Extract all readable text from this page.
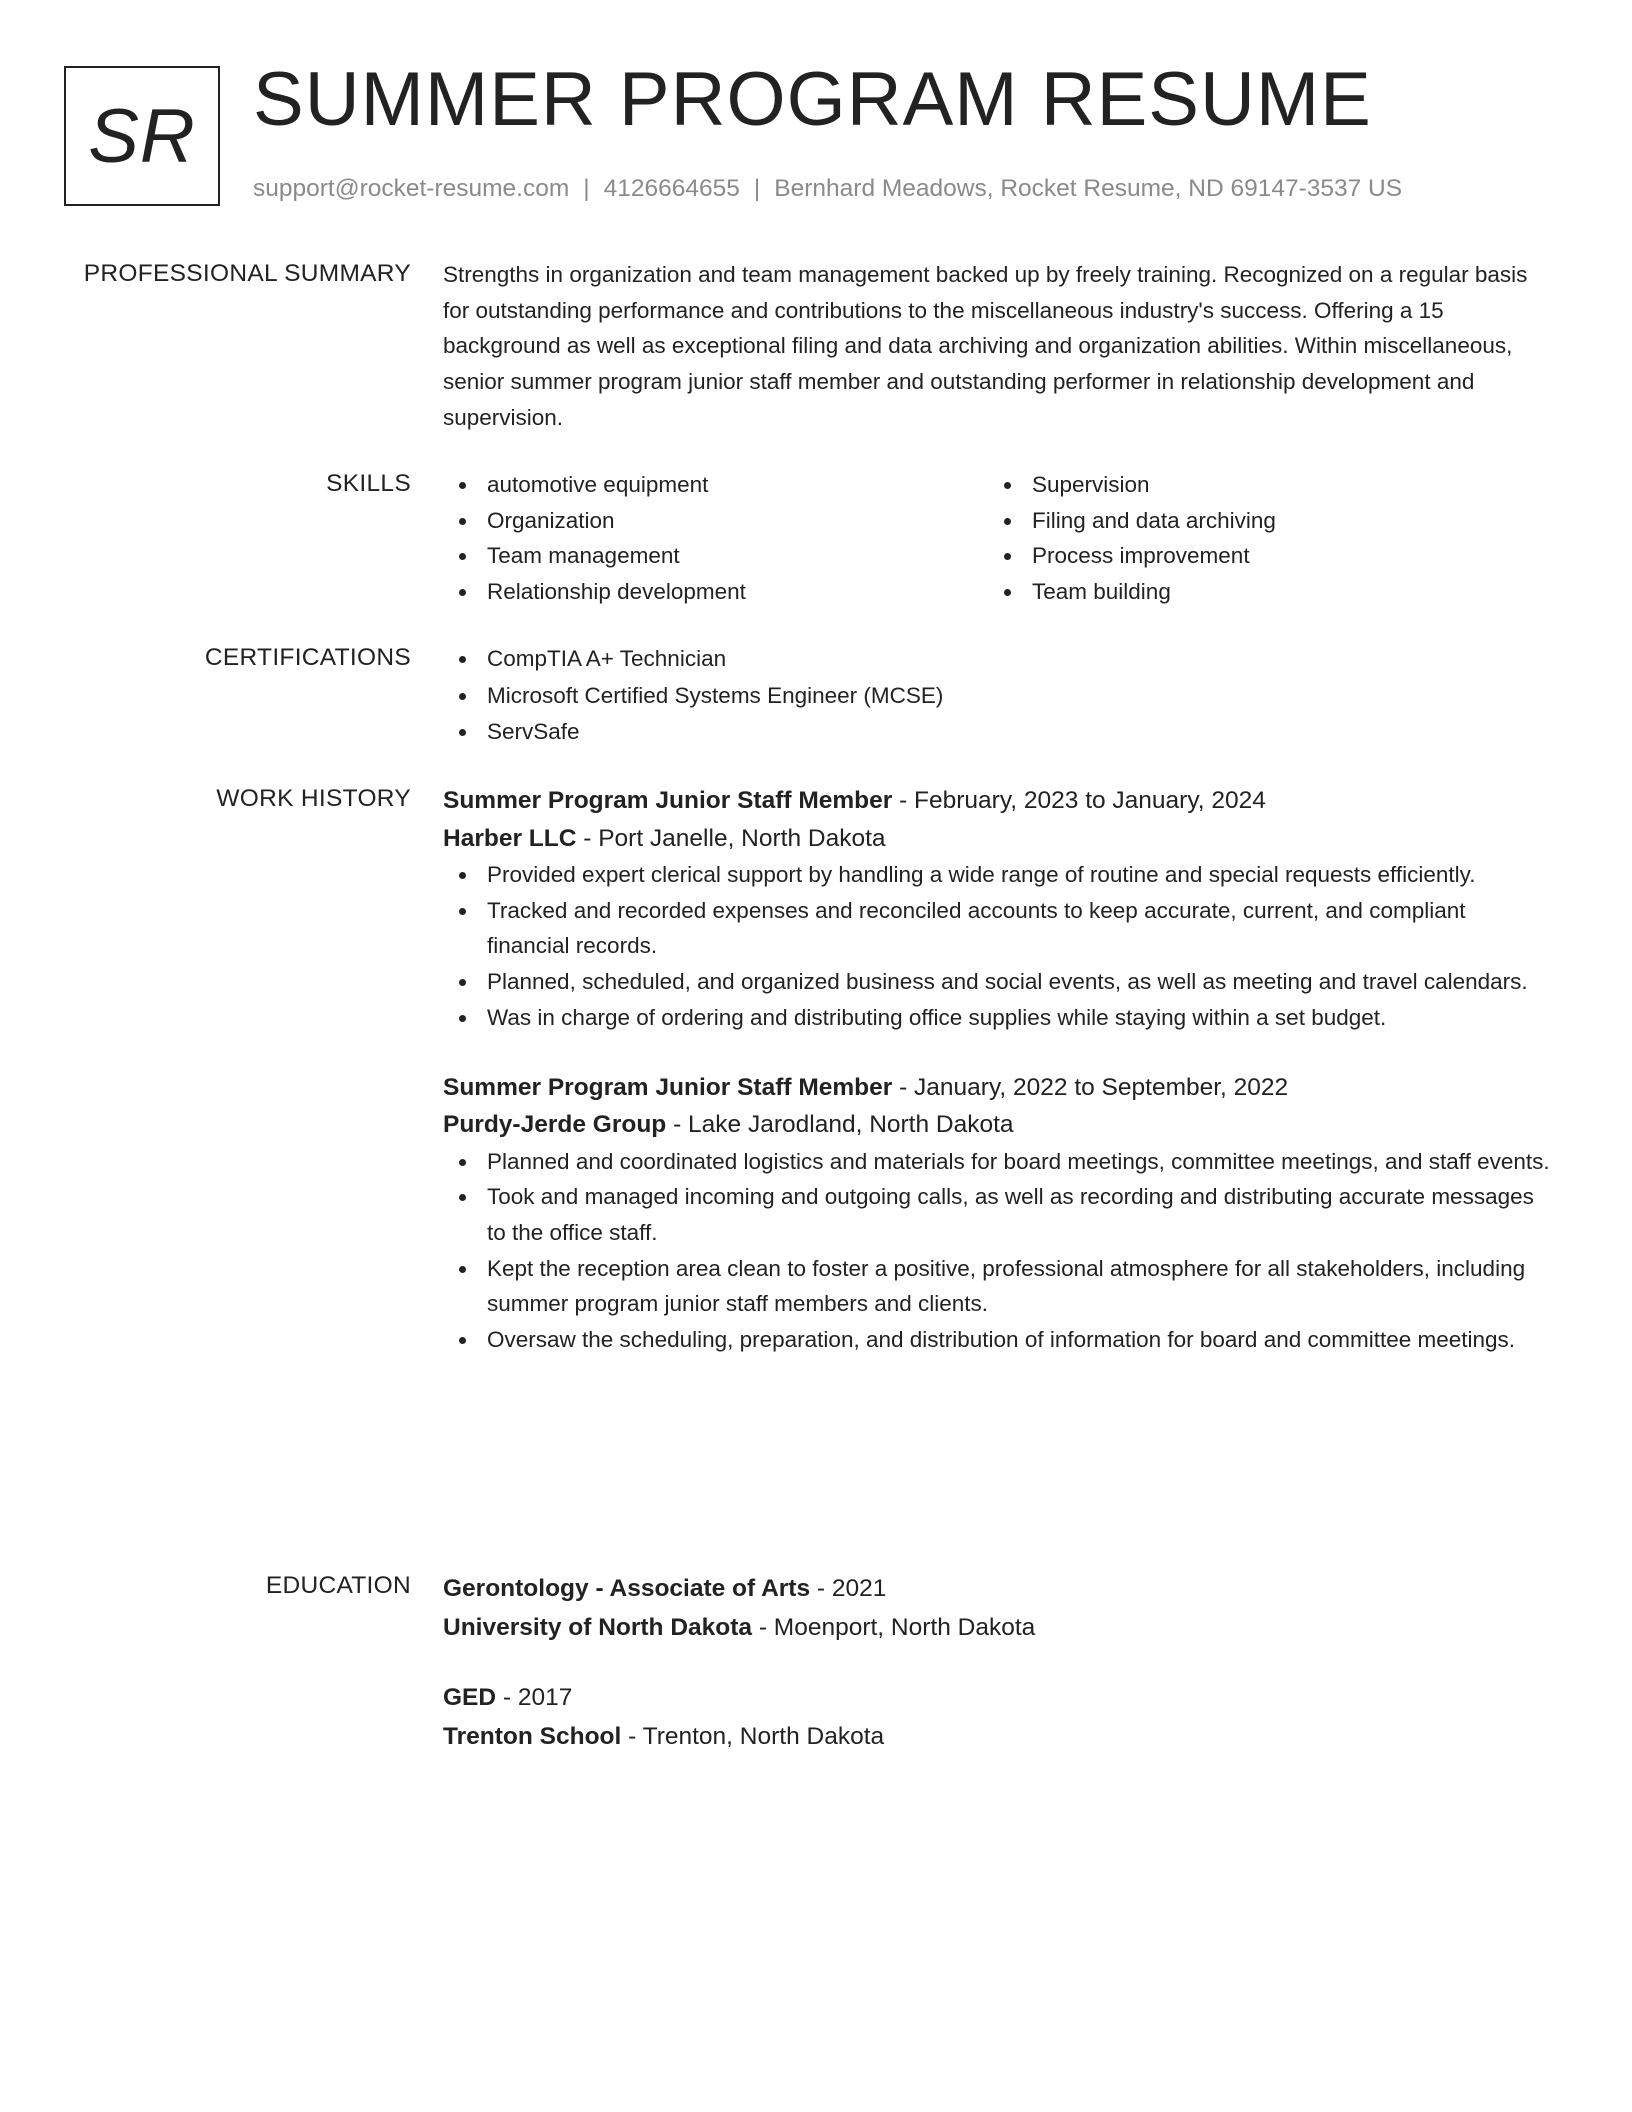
SR SUMMER PROGRAM RESUME
support@rocket-resume.com | 4126664655 | Bernhard Meadows, Rocket Resume, ND 69147-3537 US
PROFESSIONAL SUMMARY Strengths in organization and team management backed up by freely training. Recognized on a regular basis for outstanding performance and contributions to the miscellaneous industry's success. Offering a 15 background as well as exceptional filing and data archiving and organization abilities. Within miscellaneous, senior summer program junior staff member and outstanding performer in relationship development and supervision.

SKILLS	automotive equipment
Organization
Team management
Relationship development
Supervision
Filing and data archiving
Process improvement
Team building
CERTIFICATIONS	CompTIA A+ Technician
Microsoft Certified Systems Engineer (MCSE)
ServSafe
WORK HISTORY Summer Program Junior Staff Member - February, 2023 to January, 2024
Harber LLC - Port Janelle, North Dakota
Provided expert clerical support by handling a wide range of routine and special requests efficiently.
Tracked and recorded expenses and reconciled accounts to keep accurate, current, and compliant financial records.
Planned, scheduled, and organized business and social events, as well as meeting and travel calendars.
Was in charge of ordering and distributing office supplies while staying within a set budget.
Summer Program Junior Staff Member - January, 2022 to September, 2022
Purdy-Jerde Group - Lake Jarodland, North Dakota
Planned and coordinated logistics and materials for board meetings, committee meetings, and staff events.
Took and managed incoming and outgoing calls, as well as recording and distributing accurate messages to the office staff.
Kept the reception area clean to foster a positive, professional atmosphere for all stakeholders, including summer program junior staff members and clients.
Oversaw the scheduling, preparation, and distribution of information for board and committee meetings.
EDUCATION Gerontology - Associate of Arts - 2021
University of North Dakota - Moenport, North Dakota
GED - 2017
Trenton School - Trenton, North Dakota
